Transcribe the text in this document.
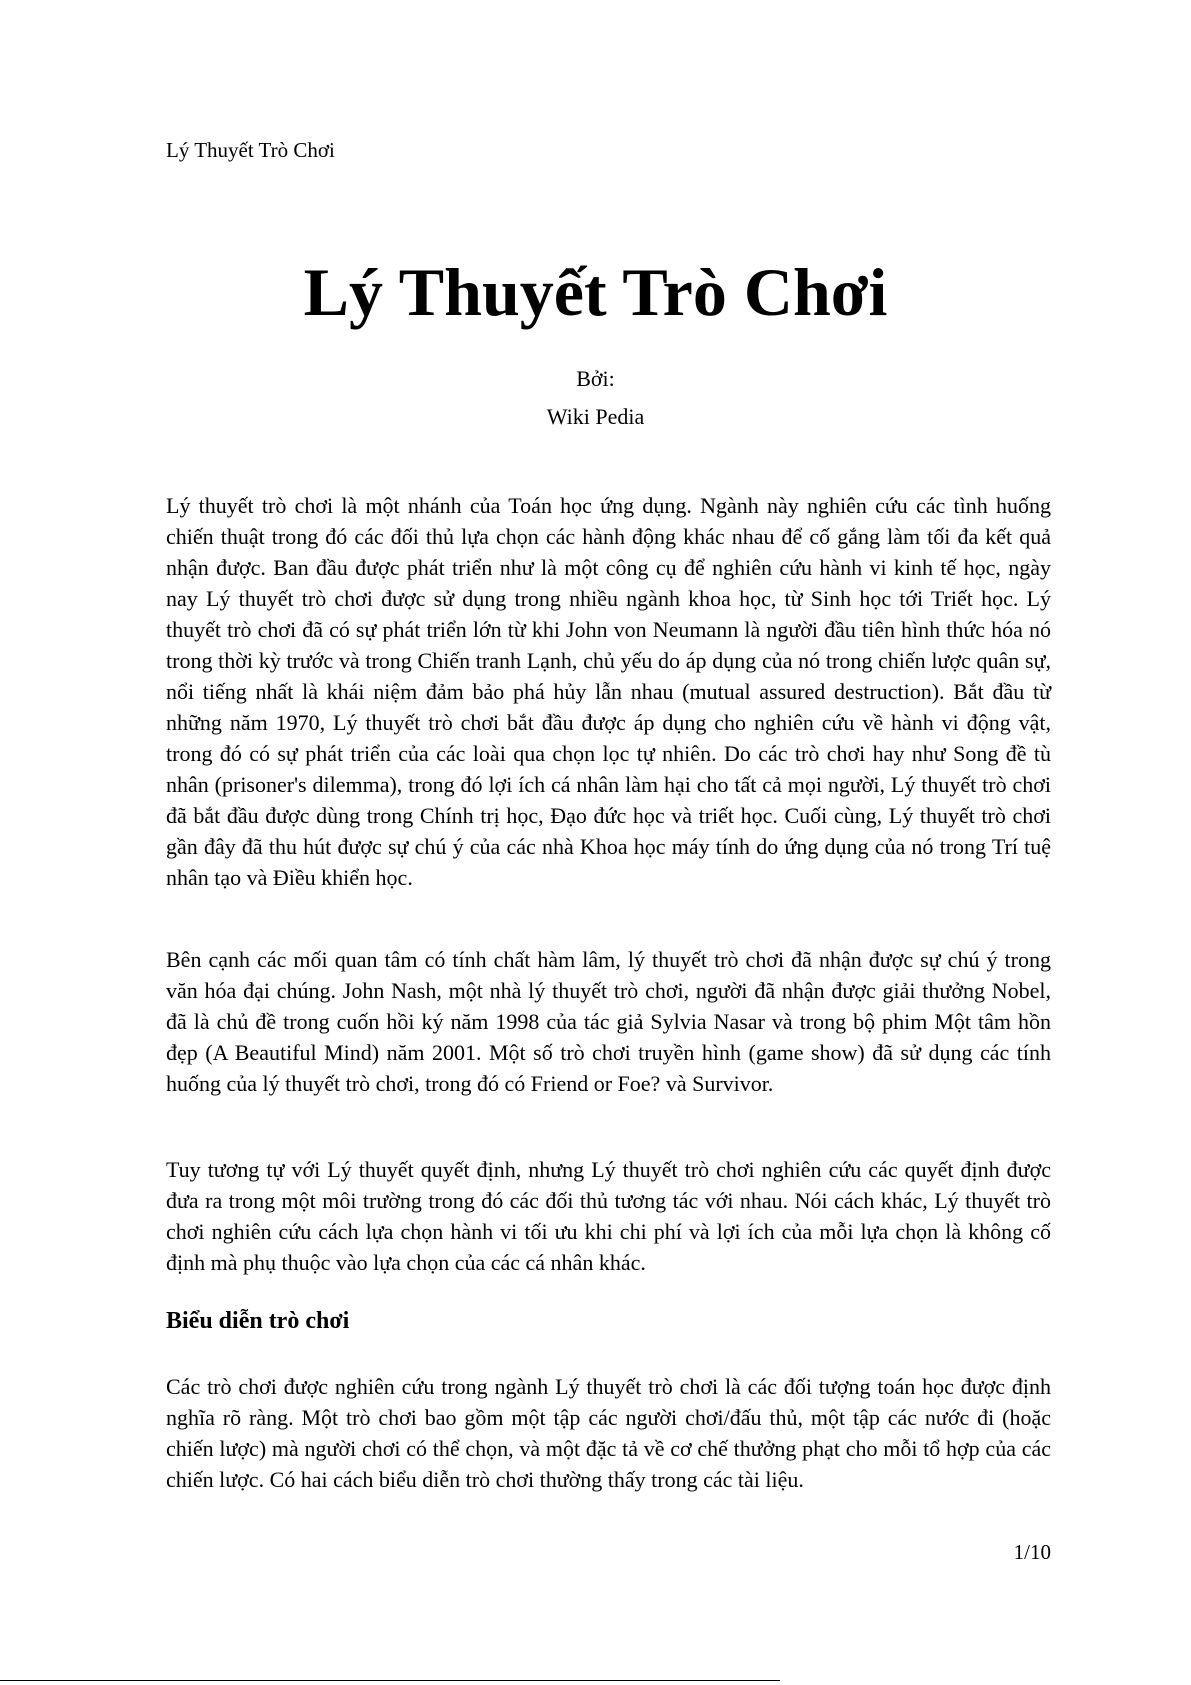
Lý Thuyết Trò Chơi
Lý Thuyết Trò Chơi
Bởi:
Wiki Pedia

Lý thuyết trò chơi là một nhánh của Toán học ứng dụng. Ngành này nghiên cứu các tình huống chiến thuật trong đó các đối thủ lựa chọn các hành động khác nhau để cố gắng làm tối đa kết quả nhận được. Ban đầu được phát triển như là một công cụ để nghiên cứu hành vi kinh tế học, ngày nay Lý thuyết trò chơi được sử dụng trong nhiều ngành khoa học, từ Sinh học tới Triết học. Lý thuyết trò chơi đã có sự phát triển lớn từ khi John von Neumann là người đầu tiên hình thức hóa nó trong thời kỳ trước và trong Chiến tranh Lạnh, chủ yếu do áp dụng của nó trong chiến lược quân sự, nổi tiếng nhất là khái niệm đảm bảo phá hủy lẫn nhau (mutual assured destruction). Bắt đầu từ những năm 1970, Lý thuyết trò chơi bắt đầu được áp dụng cho nghiên cứu về hành vi động vật, trong đó có sự phát triển của các loài qua chọn lọc tự nhiên. Do các trò chơi hay như Song đề tù nhân (prisoner's dilemma), trong đó lợi ích cá nhân làm hại cho tất cả mọi người, Lý thuyết trò chơi đã bắt đầu được dùng trong Chính trị học, Đạo đức học và triết học. Cuối cùng, Lý thuyết trò chơi gần đây đã thu hút được sự chú ý của các nhà Khoa học máy tính do ứng dụng của nó trong Trí tuệ nhân tạo và Điều khiển học.

Bên cạnh các mối quan tâm có tính chất hàm lâm, lý thuyết trò chơi đã nhận được sự chú ý trong văn hóa đại chúng. John Nash, một nhà lý thuyết trò chơi, người đã nhận được giải thưởng Nobel, đã là chủ đề trong cuốn hồi ký năm 1998 của tác giả Sylvia Nasar và trong bộ phim Một tâm hồn đẹp (A Beautiful Mind) năm 2001. Một số trò chơi truyền hình (game show) đã sử dụng các tính huống của lý thuyết trò chơi, trong đó có Friend or Foe? và Survivor.

Tuy tương tự với Lý thuyết quyết định, nhưng Lý thuyết trò chơi nghiên cứu các quyết định được đưa ra trong một môi trường trong đó các đối thủ tương tác với nhau. Nói cách khác, Lý thuyết trò chơi nghiên cứu cách lựa chọn hành vi tối ưu khi chi phí và lợi ích của mỗi lựa chọn là không cố định mà phụ thuộc vào lựa chọn của các cá nhân khác.

Biểu diễn trò chơi

Các trò chơi được nghiên cứu trong ngành Lý thuyết trò chơi là các đối tượng toán học được định nghĩa rõ ràng. Một trò chơi bao gồm một tập các người chơi/đấu thủ, một tập các nước đi (hoặc chiến lược) mà người chơi có thể chọn, và một đặc tả về cơ chế thưởng phạt cho mỗi tổ hợp của các chiến lược. Có hai cách biểu diễn trò chơi thường thấy trong các tài liệu.

1/10
